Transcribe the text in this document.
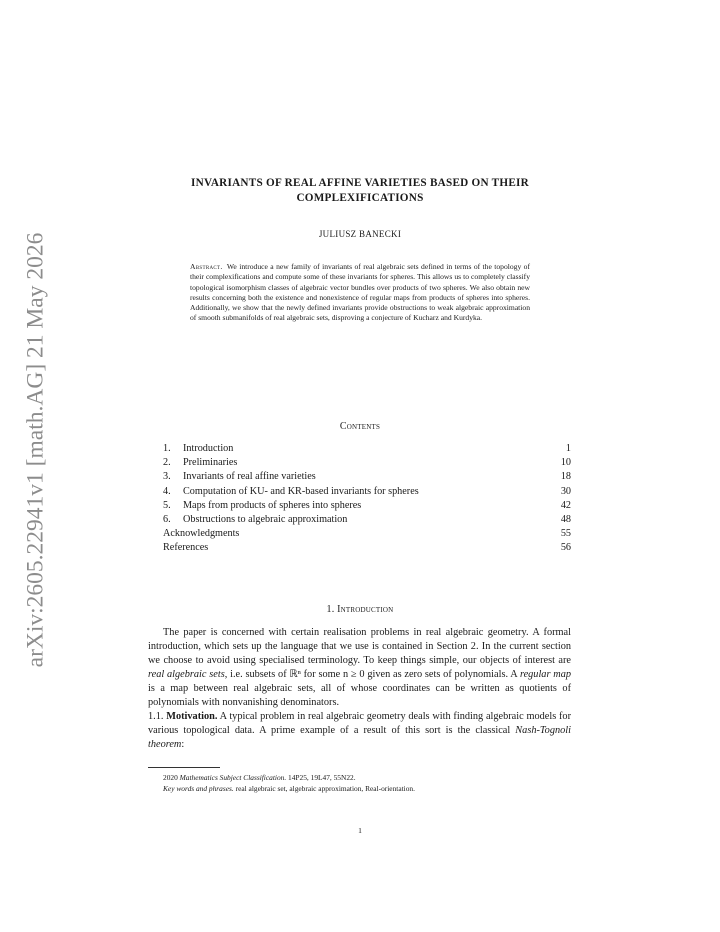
arXiv:2605.22941v1 [math.AG] 21 May 2026
INVARIANTS OF REAL AFFINE VARIETIES BASED ON THEIR
COMPLEXIFICATIONS
JULIUSZ BANECKI
Abstract. We introduce a new family of invariants of real algebraic sets defined in terms of the topology of their complexifications and compute some of these invariants for spheres. This allows us to completely classify topological isomorphism classes of algebraic vector bundles over products of two spheres. We also obtain new results concerning both the existence and nonexistence of regular maps from products of spheres into spheres. Additionally, we show that the newly defined invariants provide obstructions to weak algebraic approximation of smooth submanifolds of real algebraic sets, disproving a conjecture of Kucharz and Kurdyka.
Contents
1. Introduction	1
2. Preliminaries	10
3. Invariants of real affine varieties	18
4. Computation of KU- and KR-based invariants for spheres	30
5. Maps from products of spheres into spheres	42
6. Obstructions to algebraic approximation	48
Acknowledgments	55
References	56
1. Introduction
The paper is concerned with certain realisation problems in real algebraic geometry. A formal introduction, which sets up the language that we use is contained in Section 2. In the current section we choose to avoid using specialised terminology. To keep things simple, our objects of interest are real algebraic sets, i.e. subsets of ℝⁿ for some n ≥ 0 given as zero sets of polynomials. A regular map is a map between real algebraic sets, all of whose coordinates can be written as quotients of polynomials with nonvanishing denominators.
1.1. Motivation. A typical problem in real algebraic geometry deals with finding algebraic models for various topological data. A prime example of a result of this sort is the classical Nash-Tognoli theorem:
2020 Mathematics Subject Classification. 14P25, 19L47, 55N22.
Key words and phrases. real algebraic set, algebraic approximation, Real-orientation.
1
